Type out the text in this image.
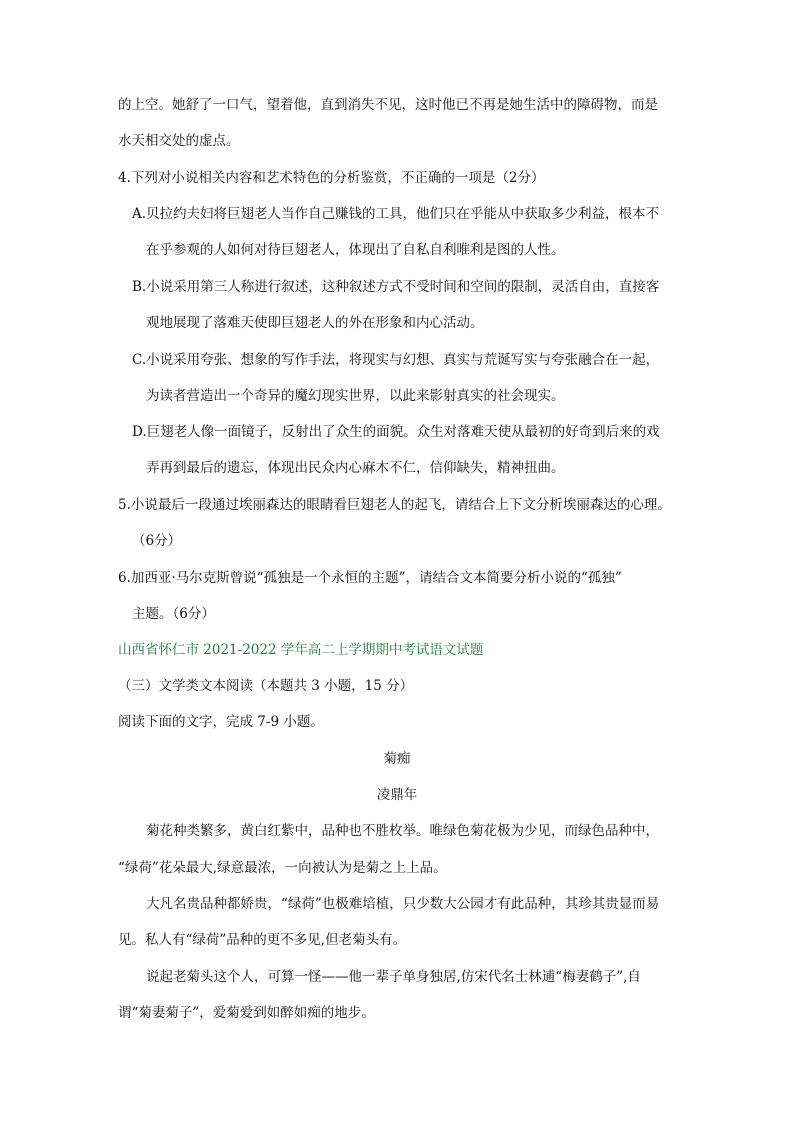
的上空。她舒了一口气，望着他，直到消失不见，这时他已不再是她生活中的障碍物，而是
水天相交处的虚点。
4.下列对小说相关内容和艺术特色的分析鉴赏，不正确的一项是（2分）
A.贝拉约夫妇将巨翅老人当作自己赚钱的工具，他们只在乎能从中获取多少利益，根本不
在乎参观的人如何对待巨翅老人，体现出了自私自利唯利是图的人性。
B.小说采用第三人称进行叙述，这种叙述方式不受时间和空间的限制，灵活自由，直接客
观地展现了落难天使即巨翅老人的外在形象和内心活动。
C.小说采用夸张、想象的写作手法，将现实与幻想、真实与荒诞写实与夸张融合在一起，
为读者营造出一个奇异的魔幻现实世界，以此来影射真实的社会现实。
D.巨翅老人像一面镜子，反射出了众生的面貌。众生对落难天使从最初的好奇到后来的戏
弄再到最后的遗忘，体现出民众内心麻木不仁，信仰缺失，精神扭曲。
5.小说最后一段通过埃丽森达的眼睛看巨翅老人的起飞，请结合上下文分析埃丽森达的心理。
（6分）
6.加西亚·马尔克斯曾说“孤独是一个永恒的主题”，请结合文本简要分析小说的“孤独”
主题。（6分）
山西省怀仁市 2021-2022 学年高二上学期期中考试语文试题
（三）文学类文本阅读（本题共 3 小题，15 分）
阅读下面的文字，完成 7-9 小题。
菊痴
凌鼎年
菊花种类繁多，黄白红紫中，品种也不胜枚举。唯绿色菊花极为少见，而绿色品种中，
“绿荷”花朵最大,绿意最浓，一向被认为是菊之上上品。
大凡名贵品种都娇贵，“绿荷”也极难培植，只少数大公园才有此品种，其珍其贵显而易
见。私人有“绿荷”品种的更不多见,但老菊头有。
说起老菊头这个人，可算一怪——他一辈子单身独居,仿宋代名士林逋“梅妻鹤子”,自
谓“菊妻菊子”，爱菊爱到如醉如痴的地步。
